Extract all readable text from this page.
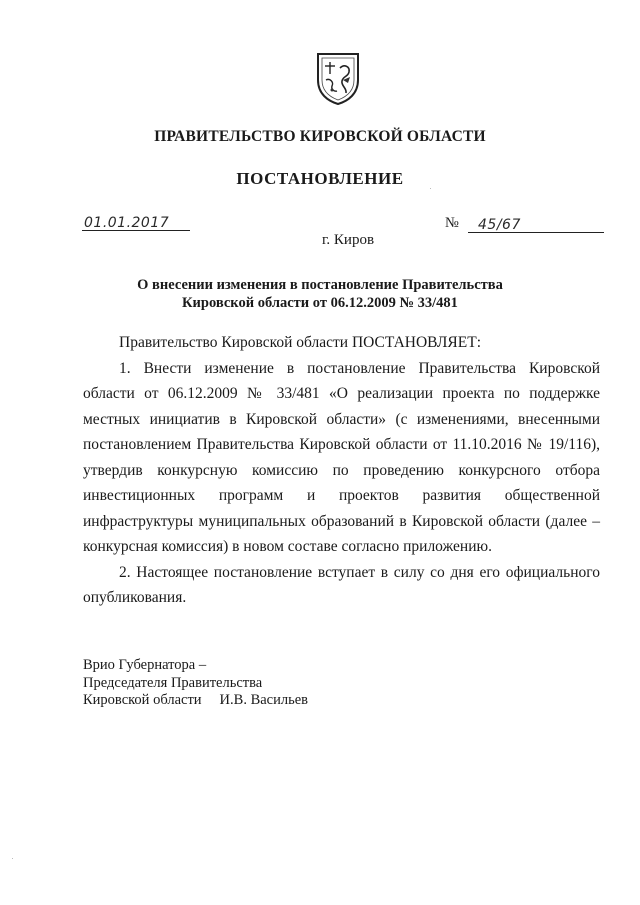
ПРАВИТЕЛЬСТВО КИРОВСКОЙ ОБЛАСТИ
ПОСТАНОВЛЕНИЕ
01.01.2017	№ 45/67
г. Киров
О внесении изменения в постановление Правительства
Кировской области от 06.12.2009 № 33/481

Правительство Кировской области ПОСТАНОВЛЯЕТ:

1. Внести изменение в постановление Правительства Кировской области от 06.12.2009 № 33/481 «О реализации проекта по поддержке местных инициатив в Кировской области» (с изменениями, внесенными постановлением Правительства Кировской области от 11.10.2016 № 19/116), утвердив конкурсную комиссию по проведению конкурсного отбора инвестиционных программ и проектов развития общественной инфраструктуры муниципальных образований в Кировской области (далее – конкурсная комиссия) в новом составе согласно приложению.

2. Настоящее постановление вступает в силу со дня его официального опубликования.

Врио Губернатора –
Председателя Правительства
Кировской области И.В. Васильев
